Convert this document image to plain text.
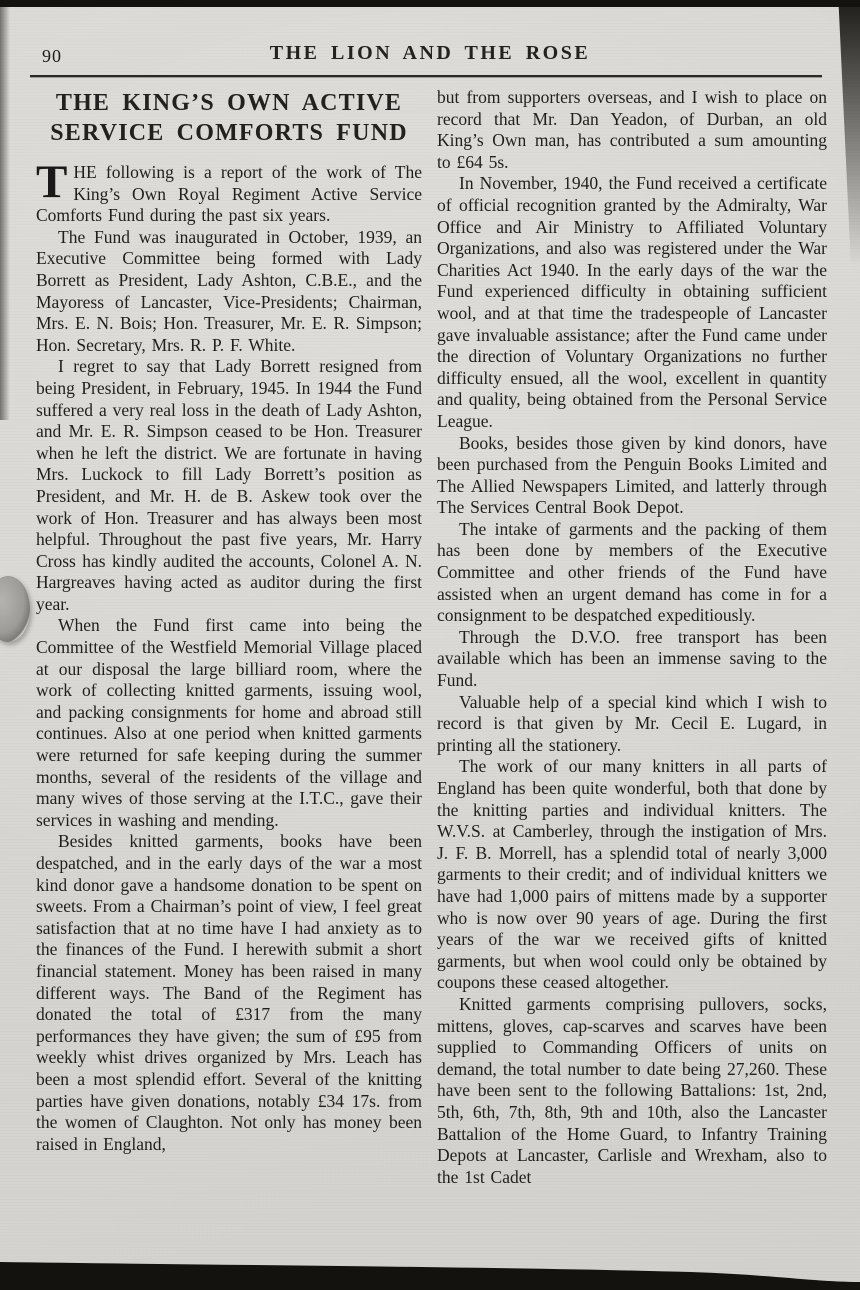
90	THE LION AND THE ROSE
THE KING’S OWN ACTIVE
SERVICE COMFORTS FUND

THE following is a report of the work of The King’s Own Royal Regiment Active Service Comforts Fund during the past six years.

The Fund was inaugurated in October, 1939, an Executive Committee being formed with Lady Borrett as President, Lady Ashton, C.B.E., and the Mayoress of Lancaster, Vice-Presidents; Chairman, Mrs. E. N. Bois; Hon. Treasurer, Mr. E. R. Simpson; Hon. Secretary, Mrs. R. P. F. White.

I regret to say that Lady Borrett resigned from being President, in February, 1945. In 1944 the Fund suffered a very real loss in the death of Lady Ashton, and Mr. E. R. Simpson ceased to be Hon. Treasurer when he left the district. We are fortunate in having Mrs. Luckock to fill Lady Borrett’s position as President, and Mr. H. de B. Askew took over the work of Hon. Treasurer and has always been most helpful. Throughout the past five years, Mr. Harry Cross has kindly audited the accounts, Colonel A. N. Hargreaves having acted as auditor during the first year.

When the Fund first came into being the Committee of the Westfield Memorial Village placed at our disposal the large billiard room, where the work of collecting knitted garments, issuing wool, and packing consignments for home and abroad still continues. Also at one period when knitted garments were returned for safe keeping during the summer months, several of the residents of the village and many wives of those serving at the I.T.C., gave their services in washing and mending.

Besides knitted garments, books have been despatched, and in the early days of the war a most kind donor gave a handsome donation to be spent on sweets. From a Chairman’s point of view, I feel great satisfaction that at no time have I had anxiety as to the finances of the Fund. I herewith submit a short financial statement. Money has been raised in many different ways. The Band of the Regiment has donated the total of £317 from the many performances they have given; the sum of £95 from weekly whist drives organized by Mrs. Leach has been a most splendid effort. Several of the knitting parties have given donations, notably £34 17s. from the women of Claughton. Not only has money been raised in England,

but from supporters overseas, and I wish to place on record that Mr. Dan Yeadon, of Durban, an old King’s Own man, has contributed a sum amounting to £64 5s.

In November, 1940, the Fund received a certificate of official recognition granted by the Admiralty, War Office and Air Ministry to Affiliated Voluntary Organizations, and also was registered under the War Charities Act 1940. In the early days of the war the Fund experienced difficulty in obtaining sufficient wool, and at that time the tradespeople of Lancaster gave invaluable assistance; after the Fund came under the direction of Voluntary Organizations no further difficulty ensued, all the wool, excellent in quantity and quality, being obtained from the Personal Service League.

Books, besides those given by kind donors, have been purchased from the Penguin Books Limited and The Allied Newspapers Limited, and latterly through The Services Central Book Depot.

The intake of garments and the packing of them has been done by members of the Executive Committee and other friends of the Fund have assisted when an urgent demand has come in for a consignment to be despatched expeditiously.

Through the D.V.O. free transport has been available which has been an immense saving to the Fund.

Valuable help of a special kind which I wish to record is that given by Mr. Cecil E. Lugard, in printing all the stationery.

The work of our many knitters in all parts of England has been quite wonderful, both that done by the knitting parties and individual knitters. The W.V.S. at Camberley, through the instigation of Mrs. J. F. B. Morrell, has a splendid total of nearly 3,000 garments to their credit; and of individual knitters we have had 1,000 pairs of mittens made by a supporter who is now over 90 years of age. During the first years of the war we received gifts of knitted garments, but when wool could only be obtained by coupons these ceased altogether.

Knitted garments comprising pullovers, socks, mittens, gloves, cap-scarves and scarves have been supplied to Commanding Officers of units on demand, the total number to date being 27,260. These have been sent to the following Battalions: 1st, 2nd, 5th, 6th, 7th, 8th, 9th and 10th, also the Lancaster Battalion of the Home Guard, to Infantry Training Depots at Lancaster, Carlisle and Wrexham, also to the 1st Cadet
